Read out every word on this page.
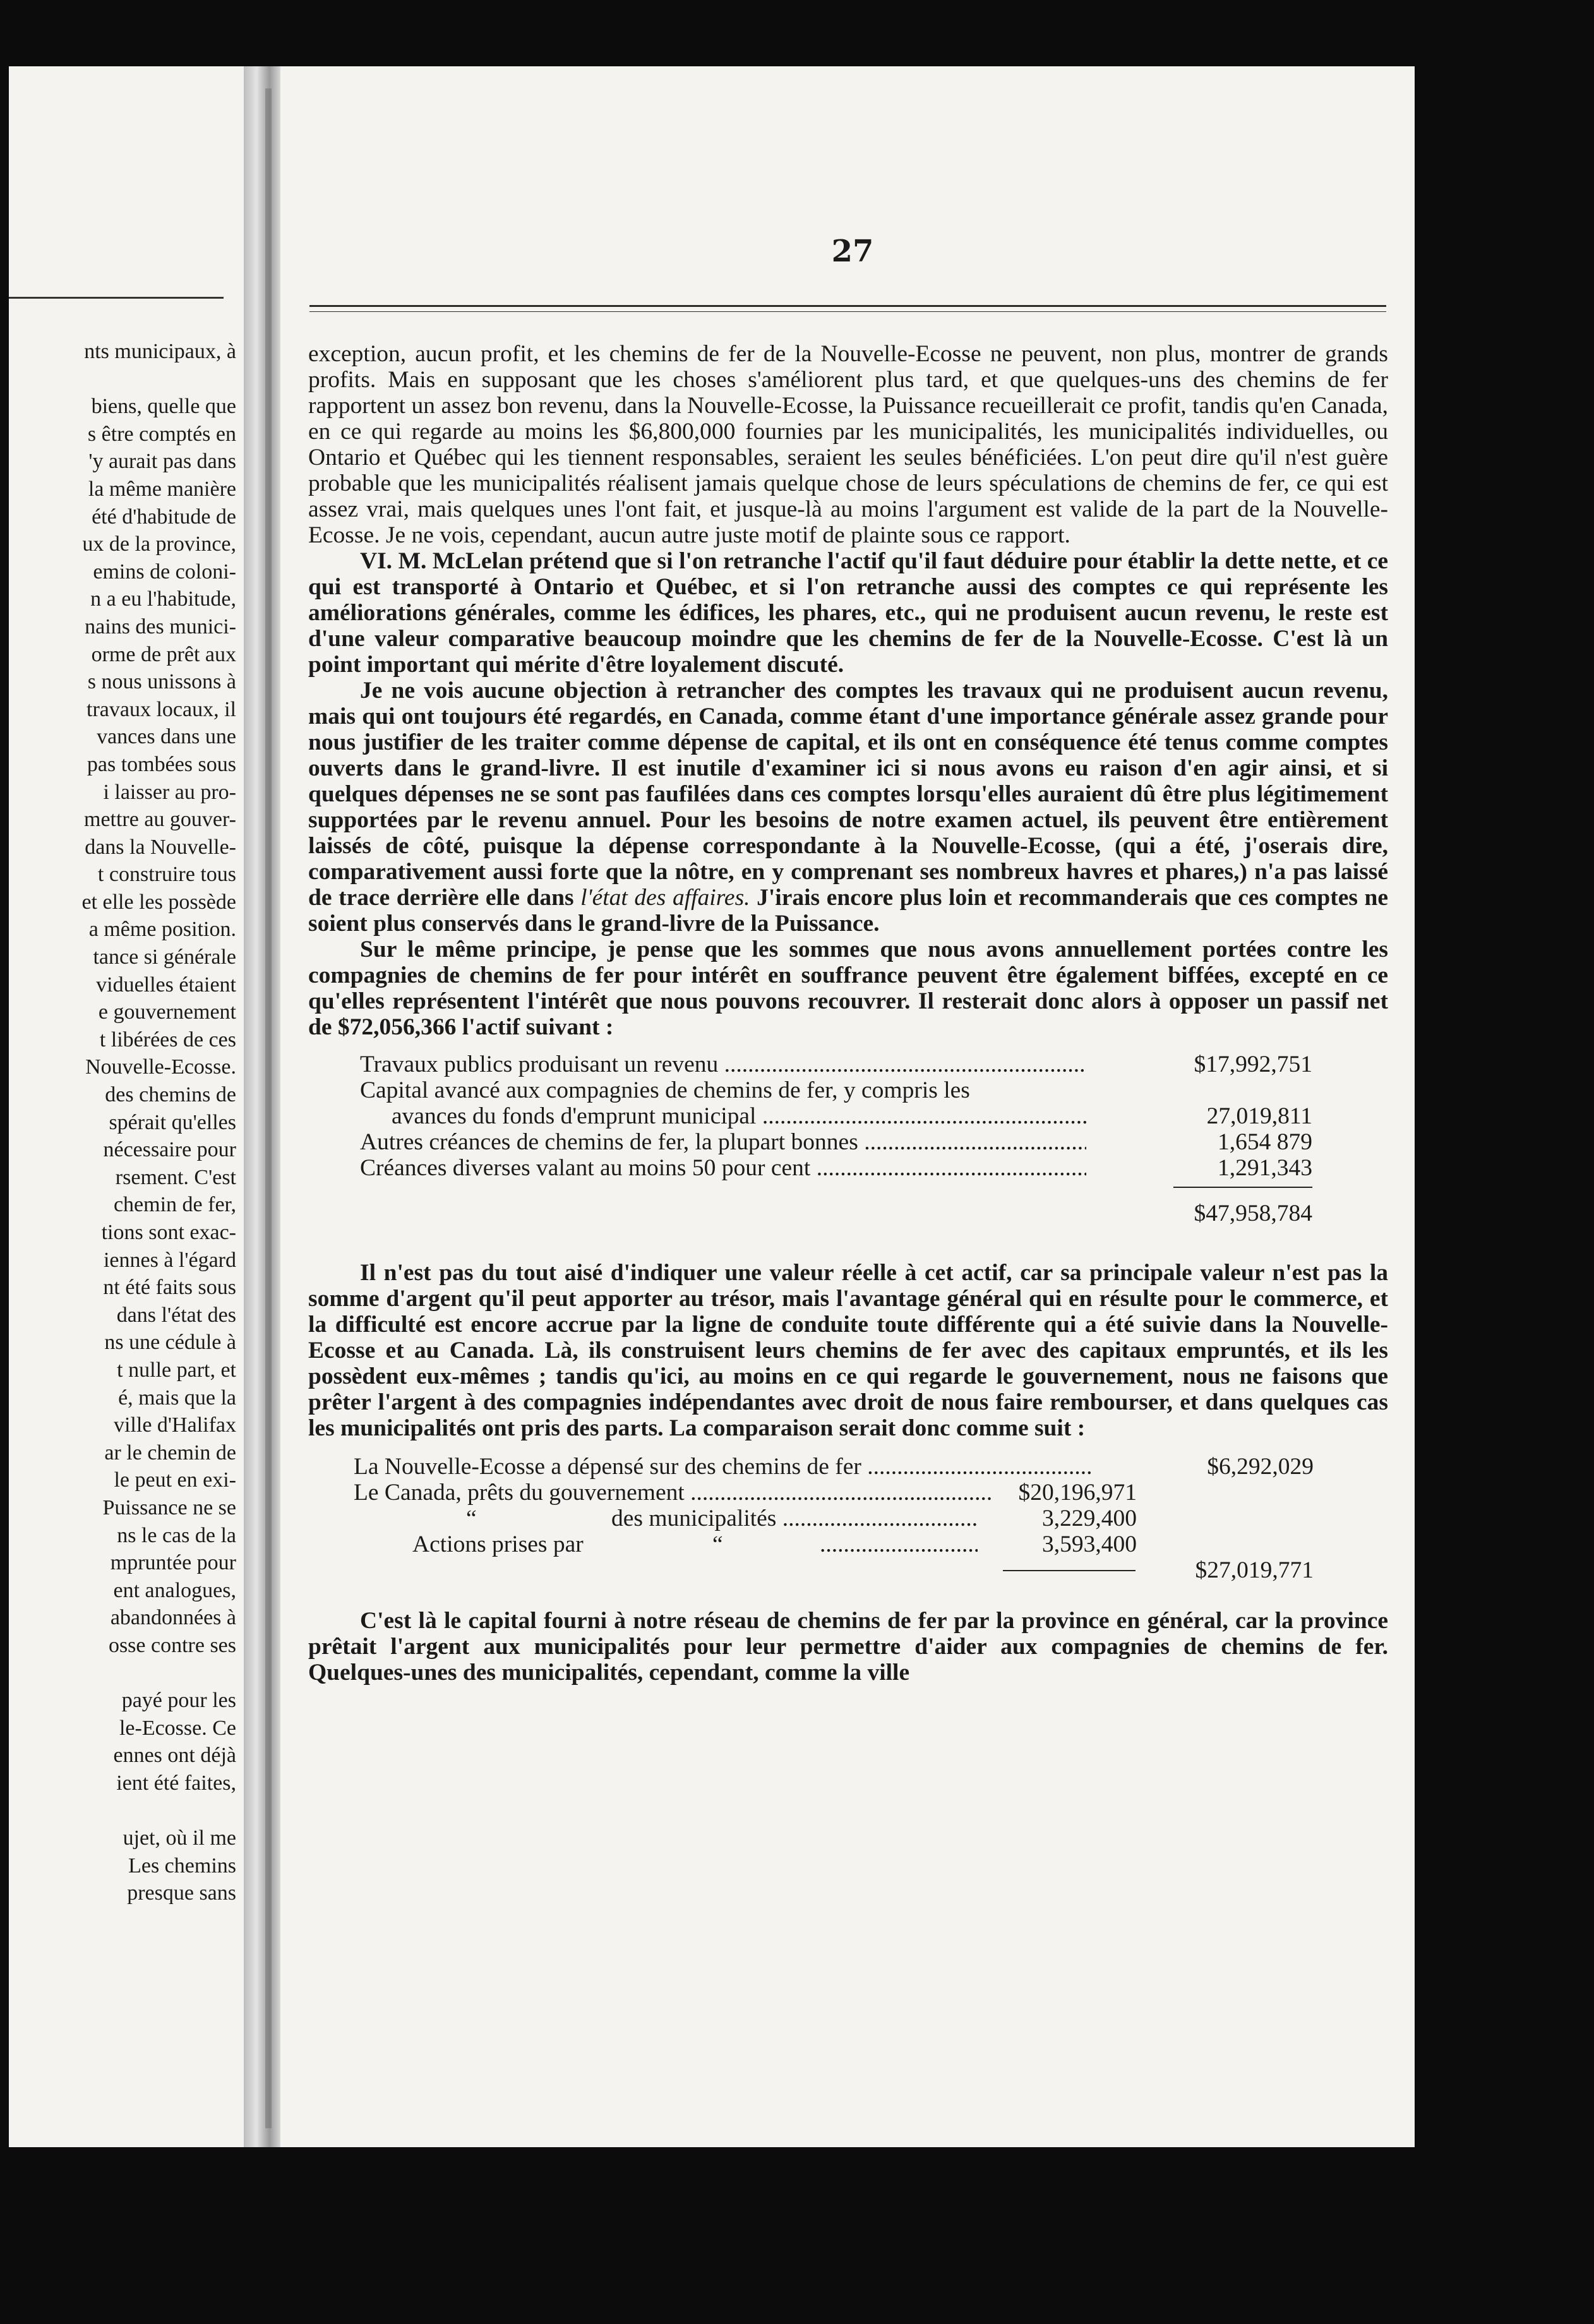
nts municipaux, à
biens, quelle que
s être comptés en
'y aurait pas dans
la même manière
été d'habitude de
ux de la province,
emins de coloni-
n a eu l'habitude,
nains des munici-
orme de prêt aux
s nous unissons à
travaux locaux, il
vances dans une
pas tombées sous
i laisser au pro-
mettre au gouver-
dans la Nouvelle-
t construire tous
et elle les possède
a même position.
tance si générale
viduelles étaient
e gouvernement
t libérées de ces
Nouvelle-Ecosse.
des chemins de
spérait qu'elles
nécessaire pour
rsement. C'est
chemin de fer,
tions sont exac-
iennes à l'égard
nt été faits sous
dans l'état des
ns une cédule à
t nulle part, et
é, mais que la
ville d'Halifax
ar le chemin de
le peut en exi-
Puissance ne se
ns le cas de la
mpruntée pour
ent analogues,
abandonnées à
osse contre ses
payé pour les
le-Ecosse. Ce
ennes ont déjà
ient été faites,
ujet, où il me
Les chemins
presque sans
27

exception, aucun profit, et les chemins de fer de la Nouvelle-Ecosse ne peuvent, non plus, montrer de grands profits. Mais en supposant que les choses s'améliorent plus tard, et que quelques-uns des chemins de fer rapportent un assez bon revenu, dans la Nouvelle-Ecosse, la Puissance recueillerait ce profit, tandis qu'en Canada, en ce qui regarde au moins les $6,800,000 fournies par les municipalités, les municipalités individuelles, ou Ontario et Québec qui les tiennent responsables, seraient les seules bénéficiées. L'on peut dire qu'il n'est guère probable que les municipalités réalisent jamais quelque chose de leurs spéculations de chemins de fer, ce qui est assez vrai, mais quelques unes l'ont fait, et jusque-là au moins l'argument est valide de la part de la Nouvelle-Ecosse. Je ne vois, cependant, aucun autre juste motif de plainte sous ce rapport.

VI. M. McLelan prétend que si l'on retranche l'actif qu'il faut déduire pour établir la dette nette, et ce qui est transporté à Ontario et Québec, et si l'on retranche aussi des comptes ce qui représente les améliorations générales, comme les édifices, les phares, etc., qui ne produisent aucun revenu, le reste est d'une valeur comparative beaucoup moindre que les chemins de fer de la Nouvelle-Ecosse. C'est là un point important qui mérite d'être loyalement discuté.

Je ne vois aucune objection à retrancher des comptes les travaux qui ne produisent aucun revenu, mais qui ont toujours été regardés, en Canada, comme étant d'une importance générale assez grande pour nous justifier de les traiter comme dépense de capital, et ils ont en conséquence été tenus comme comptes ouverts dans le grand-livre. Il est inutile d'examiner ici si nous avons eu raison d'en agir ainsi, et si quelques dépenses ne se sont pas faufilées dans ces comptes lorsqu'elles auraient dû être plus légitimement supportées par le revenu annuel. Pour les besoins de notre examen actuel, ils peuvent être entièrement laissés de côté, puisque la dépense correspondante à la Nouvelle-Ecosse, (qui a été, j'oserais dire, comparativement aussi forte que la nôtre, en y comprenant ses nombreux havres et phares,) n'a pas laissé de trace derrière elle dans l'état des affaires. J'irais encore plus loin et recommanderais que ces comptes ne soient plus conservés dans le grand-livre de la Puissance.

Sur le même principe, je pense que les sommes que nous avons annuellement portées contre les compagnies de chemins de fer pour intérêt en souffrance peuvent être également biffées, excepté en ce qu'elles représentent l'intérêt que nous pouvons recouvrer. Il resterait donc alors à opposer un passif net de $72,056,366 l'actif suivant :

Travaux publics produisant un revenu .....	$17,992,751
Capital avancé aux compagnies de chemins de fer, y compris les
avances du fonds d'emprunt municipal .....	27,019,811
Autres créances de chemins de fer, la plupart bonnes .....	1,654 879
Créances diverses valant au moins 50 pour cent .....	1,291,343
$47,958,784

Il n'est pas du tout aisé d'indiquer une valeur réelle à cet actif, car sa principale valeur n'est pas la somme d'argent qu'il peut apporter au trésor, mais l'avantage général qui en résulte pour le commerce, et la difficulté est encore accrue par la ligne de conduite toute différente qui a été suivie dans la Nouvelle-Ecosse et au Canada. Là, ils construisent leurs chemins de fer avec des capitaux empruntés, et ils les possèdent eux-mêmes ; tandis qu'ici, au moins en ce qui regarde le gouvernement, nous ne faisons que prêter l'argent à des compagnies indépendantes avec droit de nous faire rembourser, et dans quelques cas les municipalités ont pris des parts. La comparaison serait donc comme suit :

La Nouvelle-Ecosse a dépensé sur des chemins de fer .....	$6,292,029
Le Canada, prêts du gouvernement .....	$20,196,971
“	des municipalités .....	3,229,400
Actions prises par	“
.....	3,593,400
$27,019,771

C'est là le capital fourni à notre réseau de chemins de fer par la province en général, car la province prêtait l'argent aux municipalités pour leur permettre d'aider aux compagnies de chemins de fer. Quelques-unes des municipalités, cependant, comme la ville
